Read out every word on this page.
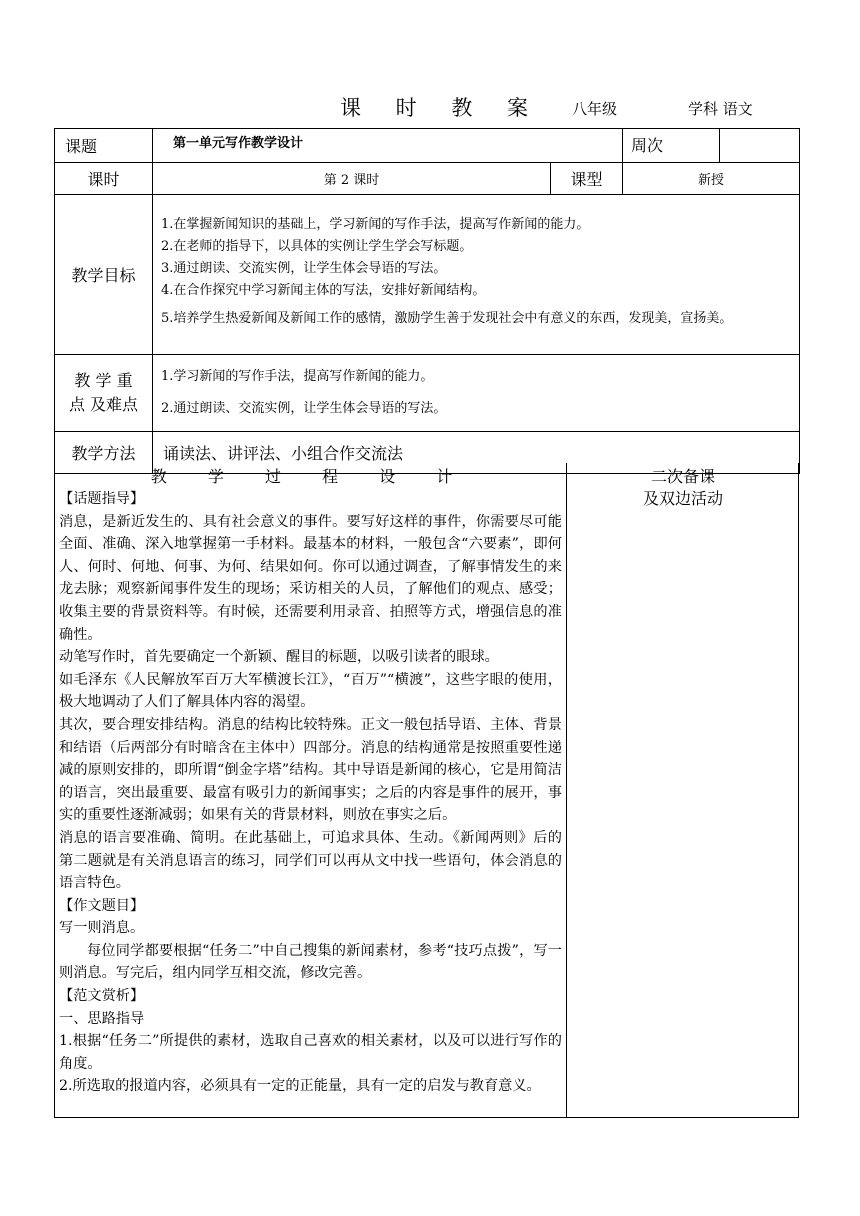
课 时 教 案 八年级	学科 语文
课题	第一单元写作教学设计		周次

课时	第 2 课时	课型	新授
教学目标	1.在掌握新闻知识的基础上，学习新闻的写作手法，提高写作新闻的能力。
2.在老师的指导下，以具体的实例让学生学会写标题。
3.通过朗读、交流实例，让学生体会导语的写法。
4.在合作探究中学习新闻主体的写法，安排好新闻结构。
5.培养学生热爱新闻及新闻工作的感情，激励学生善于发现社会中有意义的东西，发现美，宣扬美。		

教 学 重 点 及难点	1.学习新闻的写作手法，提高写作新闻的能力。
2.通过朗读、交流实例，让学生体会导语的写法。		

教学方法	诵读法、讲评法、小组合作交流法		
教 学 过 程 设 计

【话题指导】

消息，是新近发生的、具有社会意义的事件。要写好这样的事件，你需要尽可能全面、准确、深入地掌握第一手材料。最基本的材料，一般包含“六要素”，即何人、何时、何地、何事、为何、结果如何。你可以通过调查，了解事情发生的来龙去脉；观察新闻事件发生的现场；采访相关的人员，了解他们的观点、感受；收集主要的背景资料等。有时候，还需要利用录音、拍照等方式，增强信息的准确性。

动笔写作时，首先要确定一个新颖、醒目的标题，以吸引读者的眼球。

如毛泽东《人民解放军百万大军横渡长江》，“百万”“横渡”，这些字眼的使用，极大地调动了人们了解具体内容的渴望。

其次，要合理安排结构。消息的结构比较特殊。正文一般包括导语、主体、背景和结语（后两部分有时暗含在主体中）四部分。消息的结构通常是按照重要性递减的原则安排的，即所谓“倒金字塔”结构。其中导语是新闻的核心，它是用简洁的语言，突出最重要、最富有吸引力的新闻事实；之后的内容是事件的展开，事实的重要性逐渐减弱；如果有关的背景材料，则放在事实之后。

消息的语言要准确、简明。在此基础上，可追求具体、生动。《新闻两则》后的第二题就是有关消息语言的练习，同学们可以再从文中找一些语句，体会消息的语言特色。

【作文题目】

写一则消息。

每位同学都要根据“任务二”中自己搜集的新闻素材，参考“技巧点拨”，写一则消息。写完后，组内同学互相交流，修改完善。

【范文赏析】

一、思路指导

1.根据“任务二”所提供的素材，选取自己喜欢的相关素材，以及可以进行写作的角度。

2.所选取的报道内容，必须具有一定的正能量，具有一定的启发与教育意义。

二次备课
及双边活动
